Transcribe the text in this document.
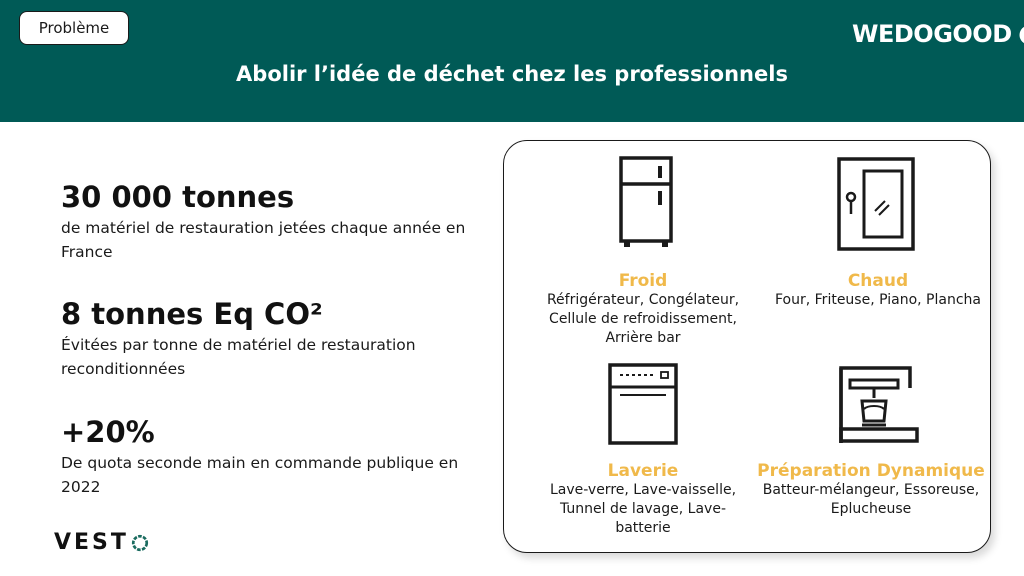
Problème	WEDOGOOD
Abolir l’idée de déchet chez les professionnels
30 000 tonnes
de matériel de restauration jetées chaque année en France
8 tonnes Eq CO²
Évitées par tonne de matériel de restauration reconditionnées
+20%
De quota seconde main en commande publique en 2022
VEST
Froid
Réfrigérateur, Congélateur, Cellule de refroidissement, Arrière bar
Chaud
Four, Friteuse, Piano, Plancha
Laverie
Lave-verre, Lave-vaisselle, Tunnel de lavage, Lave-batterie
Préparation Dynamique
Batteur-mélangeur, Essoreuse, Eplucheuse
